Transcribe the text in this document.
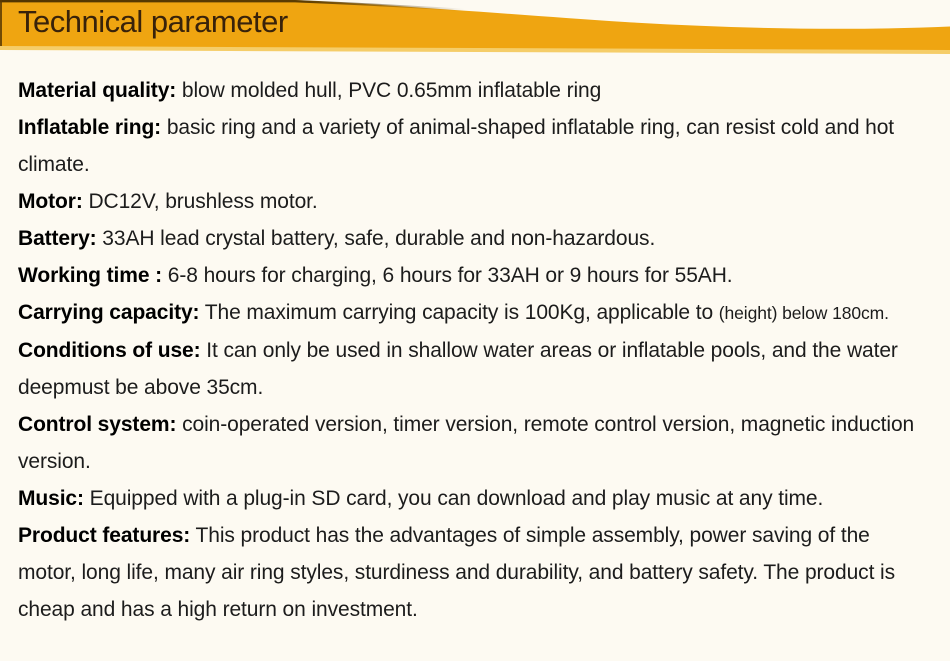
Technical parameter

Material quality: blow molded hull, PVC 0.65mm inflatable ring

Inflatable ring: basic ring and a variety of animal-shaped inflatable ring, can resist cold and hot climate.

Motor: DC12V, brushless motor.

Battery: 33AH lead crystal battery, safe, durable and non-hazardous.

Working time : 6-8 hours for charging, 6 hours for 33AH or 9 hours for 55AH.

Carrying capacity: The maximum carrying capacity is 100Kg, applicable to (height) below 180cm.

Conditions of use: It can only be used in shallow water areas or inflatable pools, and the water deepmust be above 35cm.

Control system: coin-operated version, timer version, remote control version, magnetic induction version.

Music: Equipped with a plug-in SD card, you can download and play music at any time.

Product features: This product has the advantages of simple assembly, power saving of the motor, long life, many air ring styles, sturdiness and durability, and battery safety. The product is cheap and has a high return on investment.
